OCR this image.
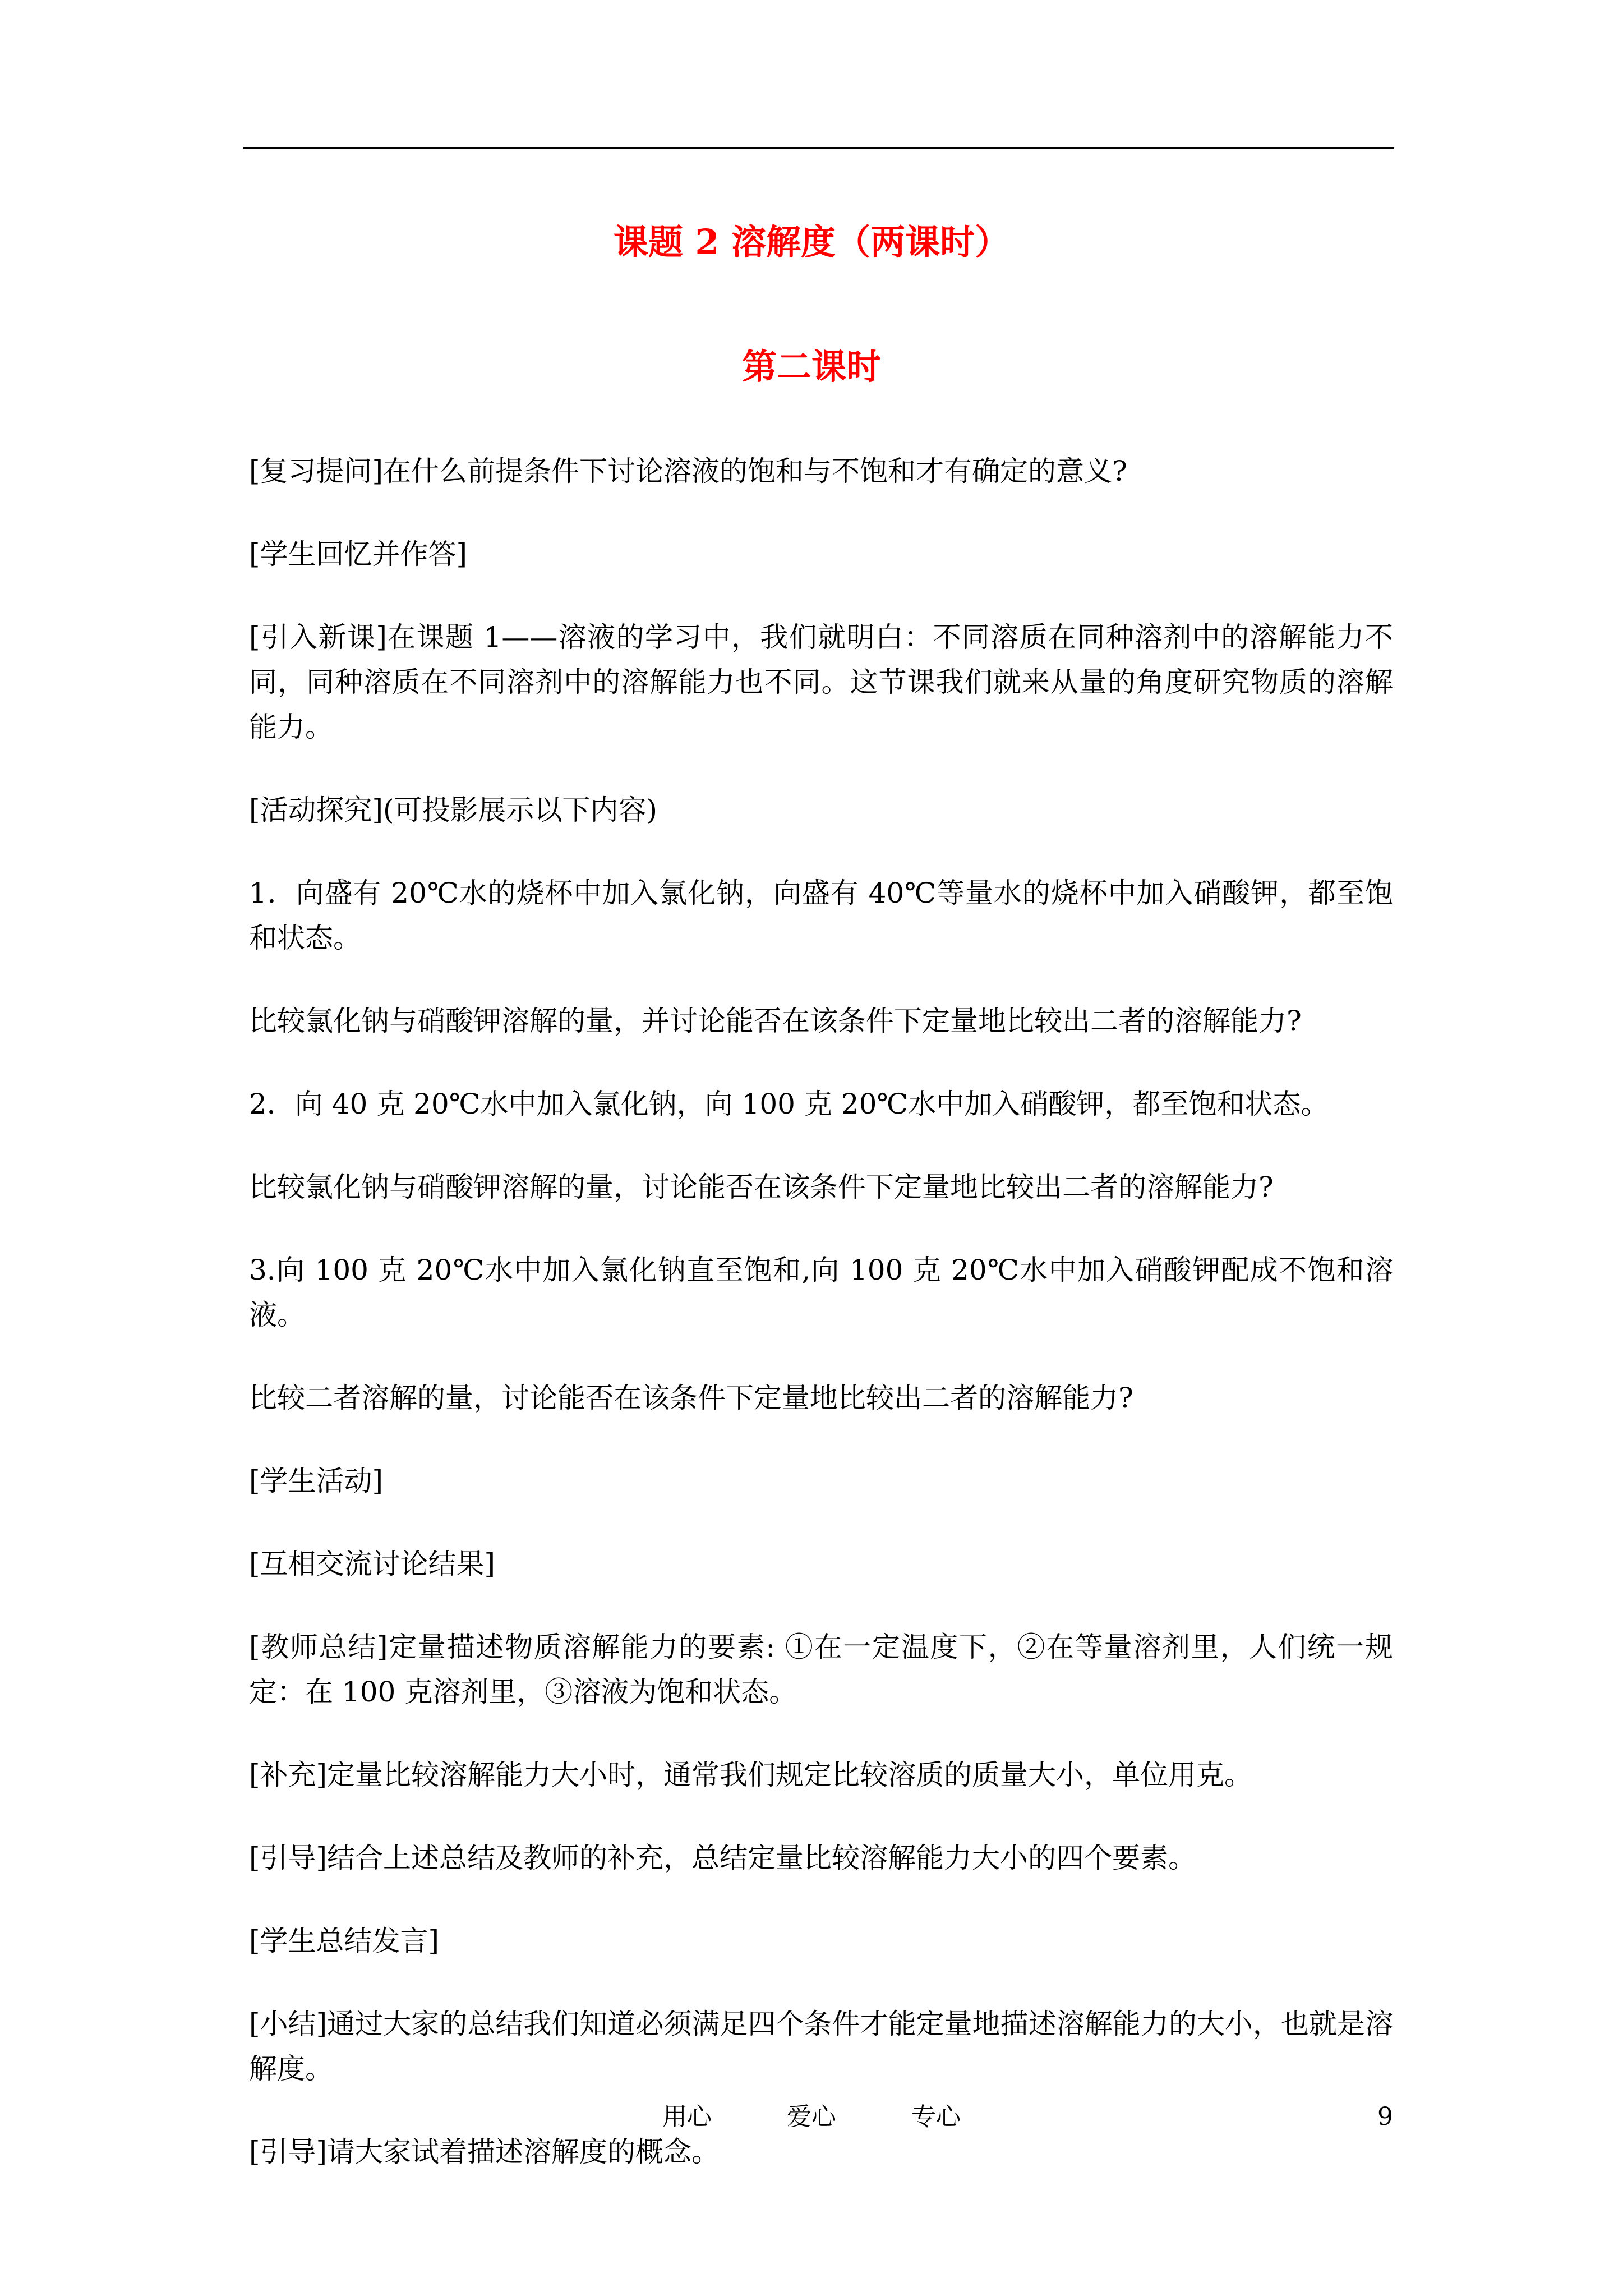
课题 2 溶解度（两课时）
第二课时

[复习提问]在什么前提条件下讨论溶液的饱和与不饱和才有确定的意义?

[学生回忆并作答]

[引入新课]在课题 1——溶液的学习中，我们就明白：不同溶质在同种溶剂中的溶解能力不同，同种溶质在不同溶剂中的溶解能力也不同。这节课我们就来从量的角度研究物质的溶解能力。

[活动探究](可投影展示以下内容)

1．向盛有 20℃水的烧杯中加入氯化钠，向盛有 40℃等量水的烧杯中加入硝酸钾，都至饱和状态。

比较氯化钠与硝酸钾溶解的量，并讨论能否在该条件下定量地比较出二者的溶解能力?

2．向 40 克 20℃水中加入氯化钠，向 100 克 20℃水中加入硝酸钾，都至饱和状态。

比较氯化钠与硝酸钾溶解的量，讨论能否在该条件下定量地比较出二者的溶解能力?

3.向 100 克 20℃水中加入氯化钠直至饱和,向 100 克 20℃水中加入硝酸钾配成不饱和溶液。

比较二者溶解的量，讨论能否在该条件下定量地比较出二者的溶解能力?

[学生活动]

[互相交流讨论结果]

[教师总结]定量描述物质溶解能力的要素: ①在一定温度下，②在等量溶剂里，人们统一规定：在 100 克溶剂里，③溶液为饱和状态。

[补充]定量比较溶解能力大小时，通常我们规定比较溶质的质量大小，单位用克。

[引导]结合上述总结及教师的补充，总结定量比较溶解能力大小的四个要素。

[学生总结发言]

[小结]通过大家的总结我们知道必须满足四个条件才能定量地描述溶解能力的大小，也就是溶解度。

[引导]请大家试着描述溶解度的概念。

用心	爱心	专心	9
